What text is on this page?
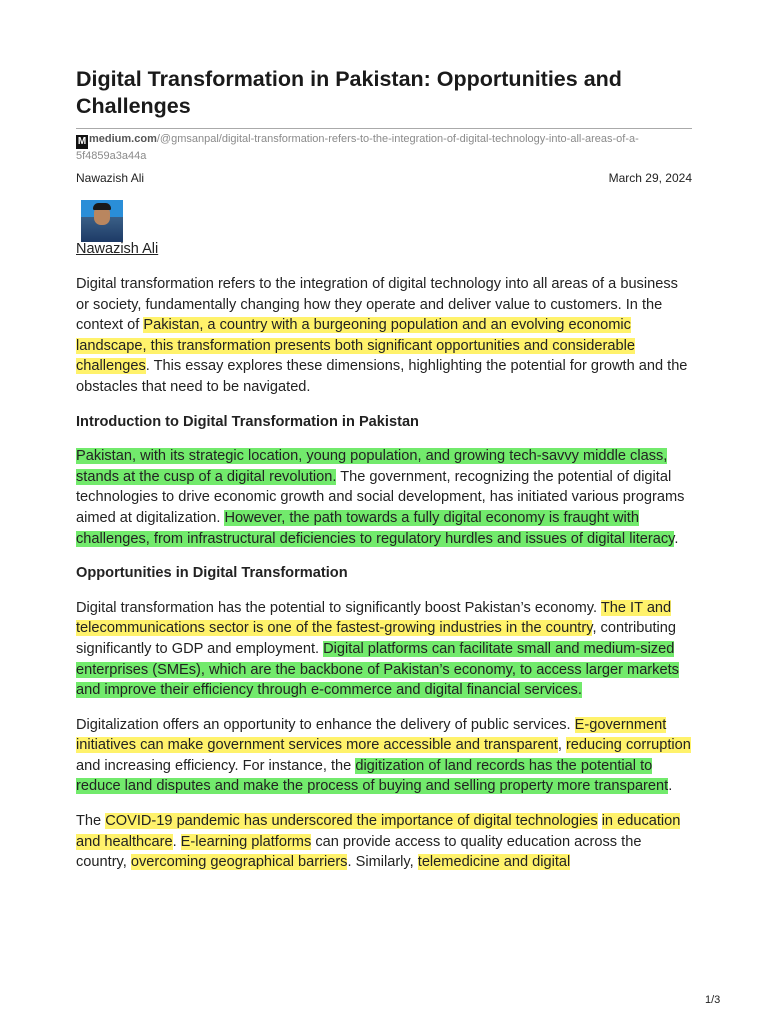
Digital Transformation in Pakistan: Opportunities and Challenges
M medium.com/@gmsanpal/digital-transformation-refers-to-the-integration-of-digital-technology-into-all-areas-of-a-5f4859a3a44a
Nawazish Ali	March 29, 2024
Nawazish Ali

Digital transformation refers to the integration of digital technology into all areas of a business or society, fundamentally changing how they operate and deliver value to customers. In the context of Pakistan, a country with a burgeoning population and an evolving economic landscape, this transformation presents both significant opportunities and considerable challenges. This essay explores these dimensions, highlighting the potential for growth and the obstacles that need to be navigated.

Introduction to Digital Transformation in Pakistan

Pakistan, with its strategic location, young population, and growing tech-savvy middle class, stands at the cusp of a digital revolution. The government, recognizing the potential of digital technologies to drive economic growth and social development, has initiated various programs aimed at digitalization. However, the path towards a fully digital economy is fraught with challenges, from infrastructural deficiencies to regulatory hurdles and issues of digital literacy.

Opportunities in Digital Transformation

Digital transformation has the potential to significantly boost Pakistan’s economy. The IT and telecommunications sector is one of the fastest-growing industries in the country, contributing significantly to GDP and employment. Digital platforms can facilitate small and medium-sized enterprises (SMEs), which are the backbone of Pakistan’s economy, to access larger markets and improve their efficiency through e-commerce and digital financial services.

Digitalization offers an opportunity to enhance the delivery of public services. E-government initiatives can make government services more accessible and transparent, reducing corruption and increasing efficiency. For instance, the digitization of land records has the potential to reduce land disputes and make the process of buying and selling property more transparent.

The COVID-19 pandemic has underscored the importance of digital technologies in education and healthcare. E-learning platforms can provide access to quality education across the country, overcoming geographical barriers. Similarly, telemedicine and digital

1/3
